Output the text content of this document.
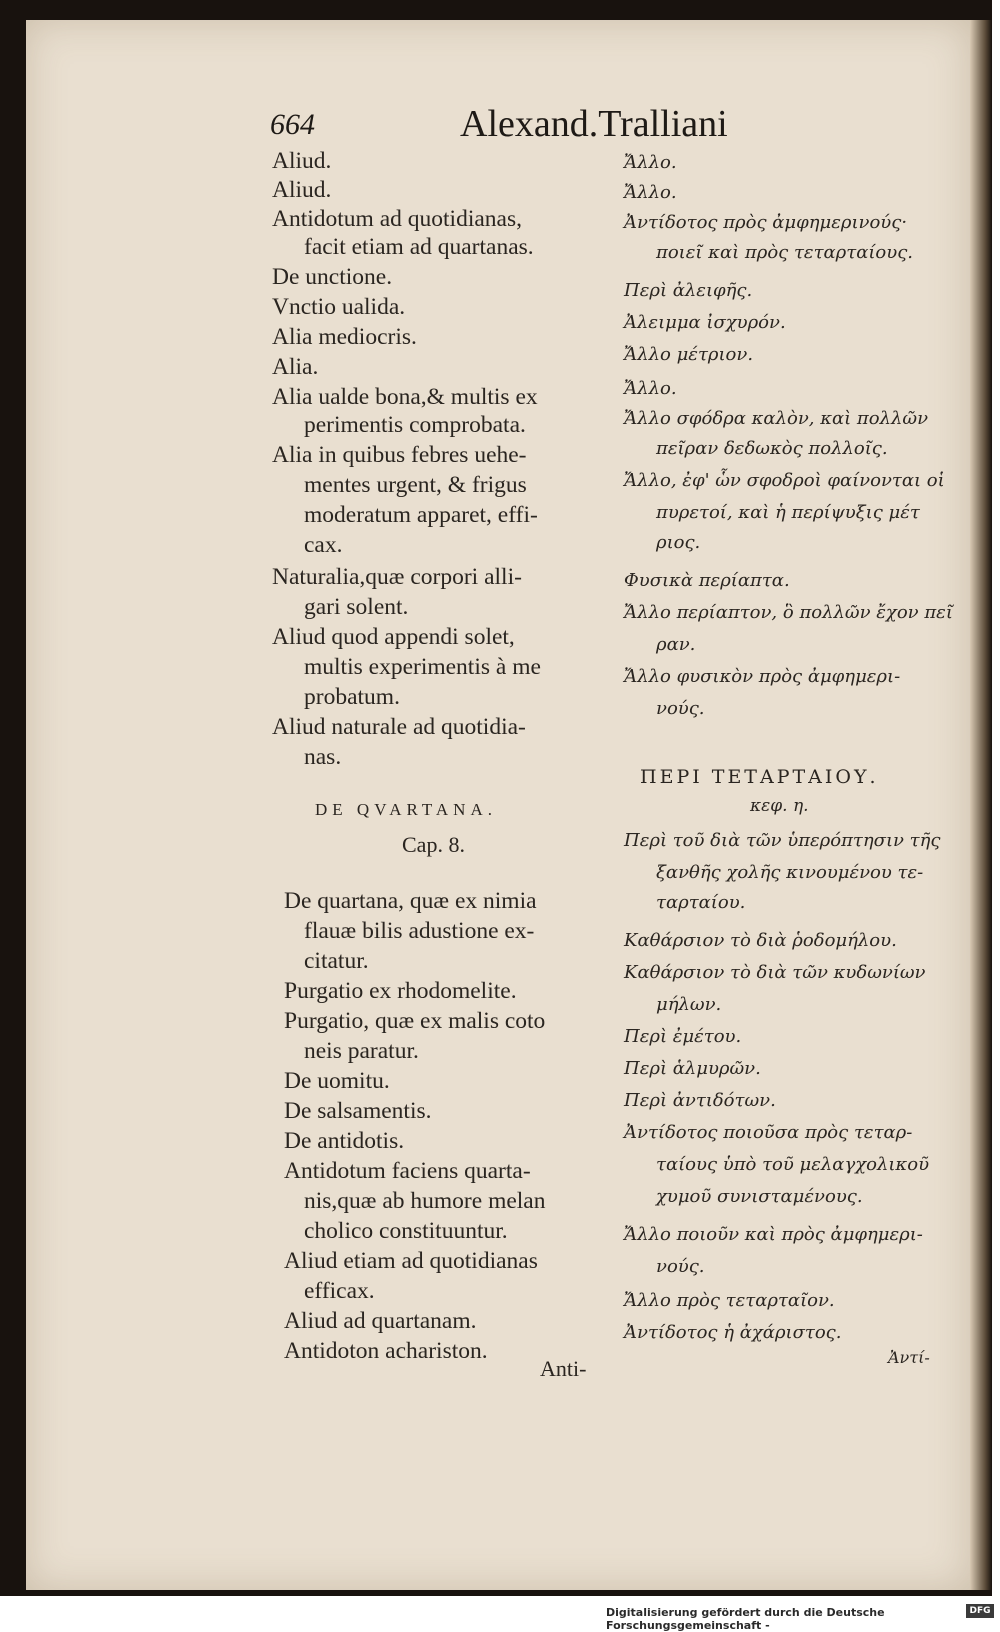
664	Alexand.Tralliani
Aliud.
Aliud.
Antidotum ad quotidianas,
facit etiam ad quartanas.
De unctione.
Vnctio ualida.
Alia mediocris.
Alia.
Alia ualde bona,& multis ex
perimentis comprobata.
Alia in quibus febres uehe-
mentes urgent, & frigus
moderatum apparet, effi-
cax.
Naturalia,quæ corpori alli-
gari solent.
Aliud quod appendi solet,
multis experimentis à me
probatum.
Aliud naturale ad quotidia-
nas.
DE QVARTANA.
Cap. 8.
De quartana, quæ ex nimia
flauæ bilis adustione ex-
citatur.
Purgatio ex rhodomelite.
Purgatio, quæ ex malis coto
neis paratur.
De uomitu.
De salsamentis.
De antidotis.
Antidotum faciens quarta-
nis,quæ ab humore melan
cholico constituuntur.
Aliud etiam ad quotidianas
efficax.
Aliud ad quartanam.
Antidoton achariston.
Anti-
Ἄλλο.
Ἄλλο.
Ἀντίδοτος πρὸς ἀμφημερινούς·
ποιεῖ καὶ πρὸς τεταρταίους.
Περὶ ἀλειφῆς.
Ἀλειμμα ἰσχυρόν.
Ἄλλο μέτριον.
Ἄλλο.
Ἄλλο σφόδρα καλὸν, καὶ πολλῶν
πεῖραν δεδωκὸς πολλοῖς.
Ἄλλο, ἐφ' ὧν σφοδροὶ φαίνονται οἱ
πυρετοί, καὶ ἡ περίψυξις μέτ
ριος.
Φυσικὰ περίαπτα.
Ἄλλο περίαπτον, ὃ πολλῶν ἔχον πεῖ
ραν.
Ἄλλο φυσικὸν πρὸς ἀμφημερι-
νούς.
ΠΕΡΙ ΤΕΤΑΡΤΑΙΟΥ.
κεφ. η.
Περὶ τοῦ διὰ τῶν ὑπερόπτησιν τῆς
ξανθῆς χολῆς κινουμένου τε-
ταρταίου.
Καθάρσιον τὸ διὰ ῥοδομήλου.
Καθάρσιον τὸ διὰ τῶν κυδωνίων
μήλων.
Περὶ ἐμέτου.
Περὶ ἁλμυρῶν.
Περὶ ἀντιδότων.
Ἀντίδοτος ποιοῦσα πρὸς τεταρ-
ταίους ὑπὸ τοῦ μελαγχολικοῦ
χυμοῦ συνισταμένους.
Ἄλλο ποιοῦν καὶ πρὸς ἀμφημερι-
νούς.
Ἄλλο πρὸς τεταρταῖον.
Ἀντίδοτος ἡ ἀχάριστος.
Ἀντί-
Digitalisierung gefördert durch die Deutsche Forschungsgemeinschaft -
DFG
